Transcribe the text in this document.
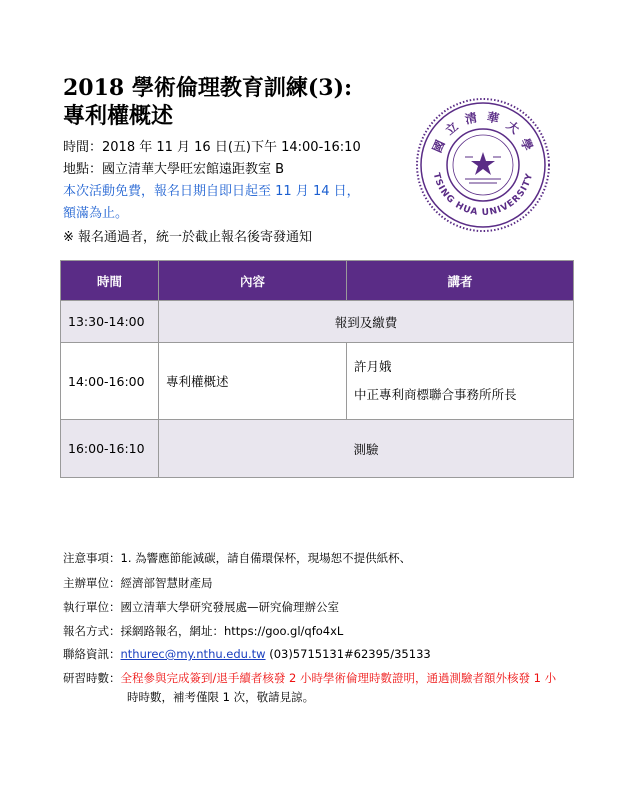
2018 學術倫理教育訓練(3):
專利權概述
時間：2018 年 11 月 16 日(五)下午 14:00-16:10
地點：國立清華大學旺宏館遠距教室 B
本次活動免費，報名日期自即日起至 11 月 14 日，
額滿為止。
※ 報名通過者，統一於截止報名後寄發通知
國 立 清 華 大 學
TSING HUA UNIVERSITY
時間	內容	講者
13:30-14:00	報到及繳費	
14:00-16:00	專利權概述	許月娥
中正專利商標聯合事務所所長

16:00-16:10	測驗	
注意事項：1. 為響應節能減碳，請自備環保杯，現場恕不提供紙杯、
主辦單位：經濟部智慧財產局
執行單位：國立清華大學研究發展處—研究倫理辦公室
報名方式：採網路報名，網址：https://goo.gl/qfo4xL
聯絡資訊：nthurec@my.nthu.edu.tw (03)5715131#62395/35133
研習時數：全程參與完成簽到/退手續者核發 2 小時學術倫理時數證明，通過測驗者額外核發 1 小
時時數，補考僅限 1 次，敬請見諒。
